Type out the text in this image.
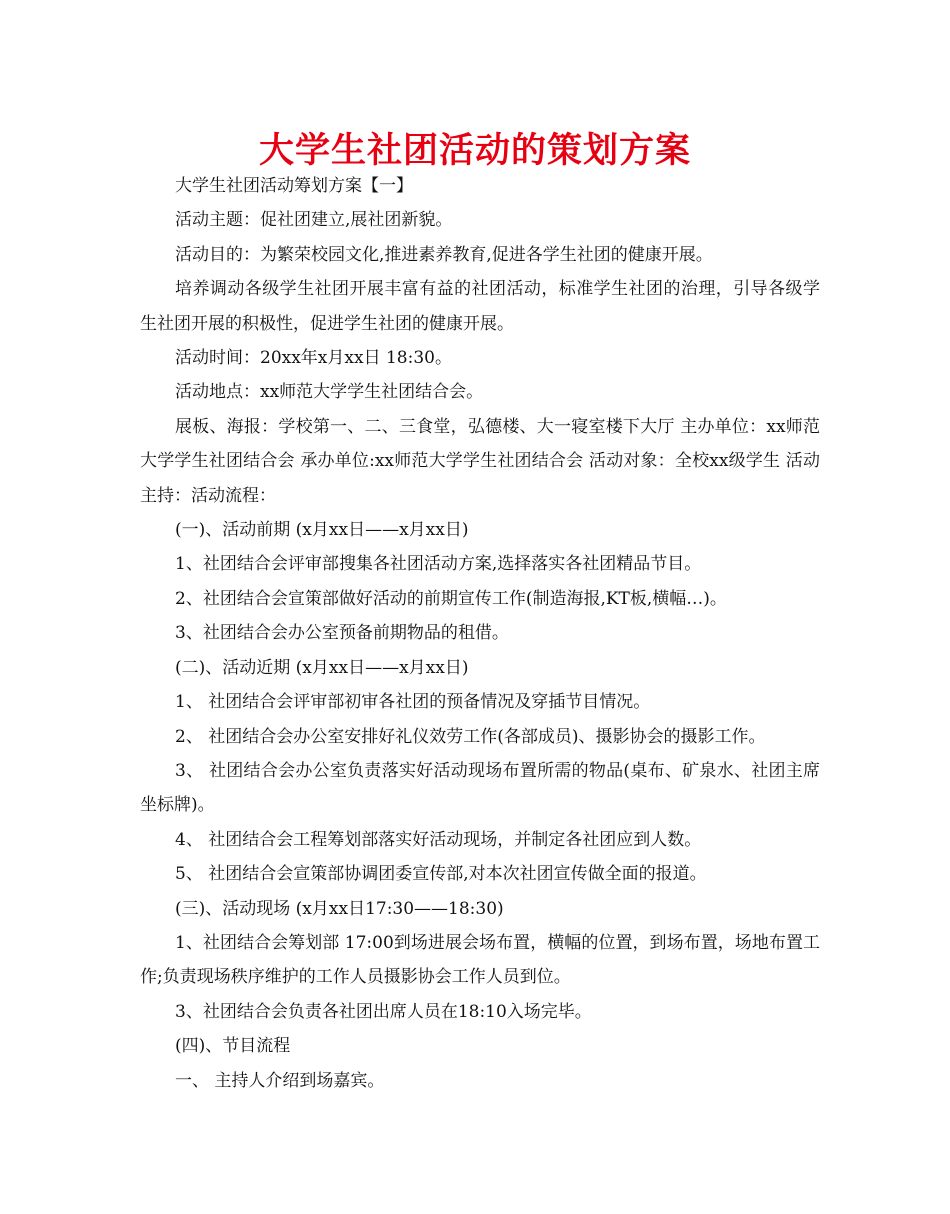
大学生社团活动的策划方案

大学生社团活动筹划方案【一】

活动主题：促社团建立,展社团新貌。

活动目的：为繁荣校园文化,推进素养教育,促进各学生社团的健康开展。

培养调动各级学生社团开展丰富有益的社团活动，标准学生社团的治理，引导各级学生社团开展的积极性，促进学生社团的健康开展。

活动时间：20xx年x月xx日 18:30。

活动地点：xx师范大学学生社团结合会。

展板、海报：学校第一、二、三食堂，弘德楼、大一寝室楼下大厅 主办单位：xx师范大学学生社团结合会 承办单位:xx师范大学学生社团结合会 活动对象：全校xx级学生 活动主持：活动流程：

(一)、活动前期 (x月xx日——x月xx日)

1、社团结合会评审部搜集各社团活动方案,选择落实各社团精品节目。

2、社团结合会宣策部做好活动的前期宣传工作(制造海报,KT板,横幅…)。

3、社团结合会办公室预备前期物品的租借。

(二)、活动近期 (x月xx日——x月xx日)

1、 社团结合会评审部初审各社团的预备情况及穿插节目情况。

2、 社团结合会办公室安排好礼仪效劳工作(各部成员)、摄影协会的摄影工作。

3、 社团结合会办公室负责落实好活动现场布置所需的物品(桌布、矿泉水、社团主席坐标牌)。

4、 社团结合会工程筹划部落实好活动现场，并制定各社团应到人数。

5、 社团结合会宣策部协调团委宣传部,对本次社团宣传做全面的报道。

(三)、活动现场 (x月xx日17:30——18:30)

1、社团结合会筹划部 17:00到场进展会场布置，横幅的位置，到场布置，场地布置工作;负责现场秩序维护的工作人员摄影协会工作人员到位。

3、社团结合会负责各社团出席人员在18:10入场完毕。

(四)、节目流程

一、 主持人介绍到场嘉宾。
